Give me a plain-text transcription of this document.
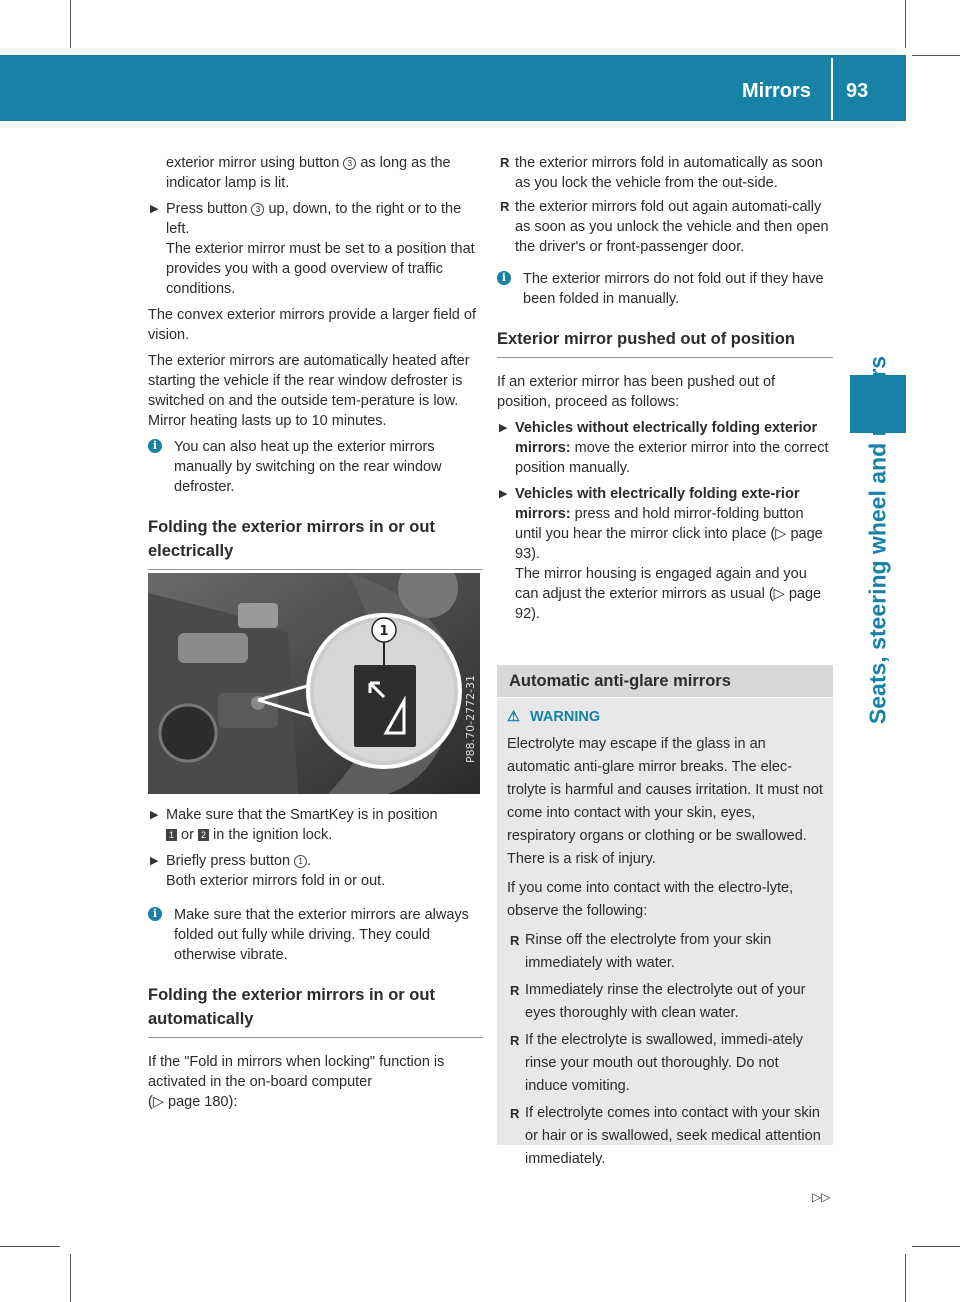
Mirrors 93
Seats, steering wheel and mirrors

exterior mirror using button 3 as long as the indicator lamp is lit.

▶ Press button 3 up, down, to the right or to the left.
The exterior mirror must be set to a position that provides you with a good overview of traffic conditions.

The convex exterior mirrors provide a larger field of vision.

The exterior mirrors are automatically heated after starting the vehicle if the rear window defroster is switched on and the outside tem-perature is low. Mirror heating lasts up to 10 minutes.

i	You can also heat up the exterior mirrors manually by switching on the rear window defroster.
Folding the exterior mirrors in or out electrically
1
P88.70-2772-31
▶ Make sure that the SmartKey is in position
1 or 2 in the ignition lock.
▶ Briefly press button 1 .
Both exterior mirrors fold in or out.
i	Make sure that the exterior mirrors are always folded out fully while driving. They could otherwise vibrate.
Folding the exterior mirrors in or out automatically

If the "Fold in mirrors when locking" function is activated in the on-board computer
(▷ page 180):

R the exterior mirrors fold in automatically as soon as you lock the vehicle from the out-side.
R the exterior mirrors fold out again automati-cally as soon as you unlock the vehicle and then open the driver's or front-passenger door.
i	The exterior mirrors do not fold out if they have been folded in manually.
Exterior mirror pushed out of position

If an exterior mirror has been pushed out of position, proceed as follows:

▶ Vehicles without electrically folding exterior mirrors: move the exterior mirror into the correct position manually.
▶ Vehicles with electrically folding exte-rior mirrors: press and hold mirror-folding button until you hear the mirror click into place (▷ page 93).
The mirror housing is engaged again and you can adjust the exterior mirrors as usual (▷ page 92).
Automatic anti-glare mirrors
⚠ WARNING

Electrolyte may escape if the glass in an automatic anti-glare mirror breaks. The elec-trolyte is harmful and causes irritation. It must not come into contact with your skin, eyes, respiratory organs or clothing or be swallowed. There is a risk of injury.

If you come into contact with the electro-lyte, observe the following:

R Rinse off the electrolyte from your skin immediately with water.
R Immediately rinse the electrolyte out of your eyes thoroughly with clean water.
R If the electrolyte is swallowed, immedi-ately rinse your mouth out thoroughly. Do not induce vomiting.
R If electrolyte comes into contact with your skin or hair or is swallowed, seek medical attention immediately.
▷▷
